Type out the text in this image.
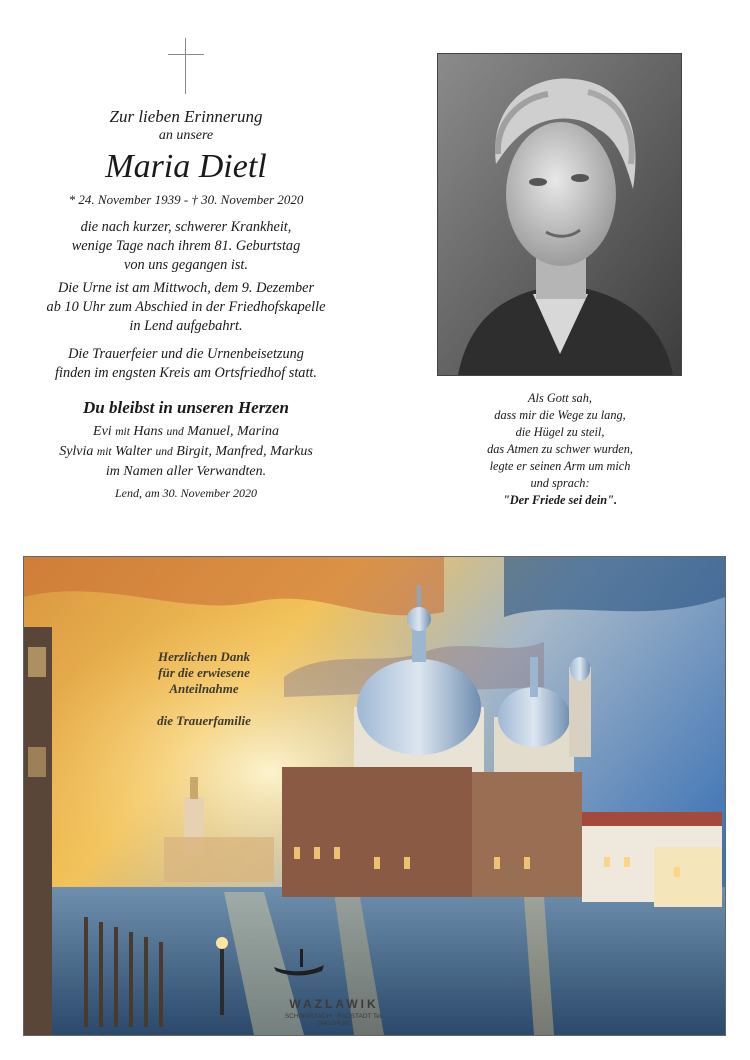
Zur lieben Erinnerung
an unsere
Maria Dietl
* 24. November 1939 - † 30. November 2020
die nach kurzer, schwerer Krankheit,
wenige Tage nach ihrem 81. Geburtstag
von uns gegangen ist.
Die Urne ist am Mittwoch, dem 9. Dezember
ab 10 Uhr zum Abschied in der Friedhofskapelle
in Lend aufgebahrt.
Die Trauerfeier und die Urnenbeisetzung
finden im engsten Kreis am Ortsfriedhof statt.
Du bleibst in unseren Herzen
Evi mit Hans und Manuel, Marina
Sylvia mit Walter und Birgit, Manfred, Markus
im Namen aller Verwandten.
Lend, am 30. November 2020
Als Gott sah,
dass mir die Wege zu lang,
die Hügel zu steil,
das Atmen zu schwer wurden,
legte er seinen Arm um mich
und sprach:
"Der Friede sei dein".
Herzlichen Dank
für die erwiesene
Anteilnahme
die Trauerfamilie
WAZLAWIK
SCHWARZACH · RADSTADT Tel. 06415/4200
